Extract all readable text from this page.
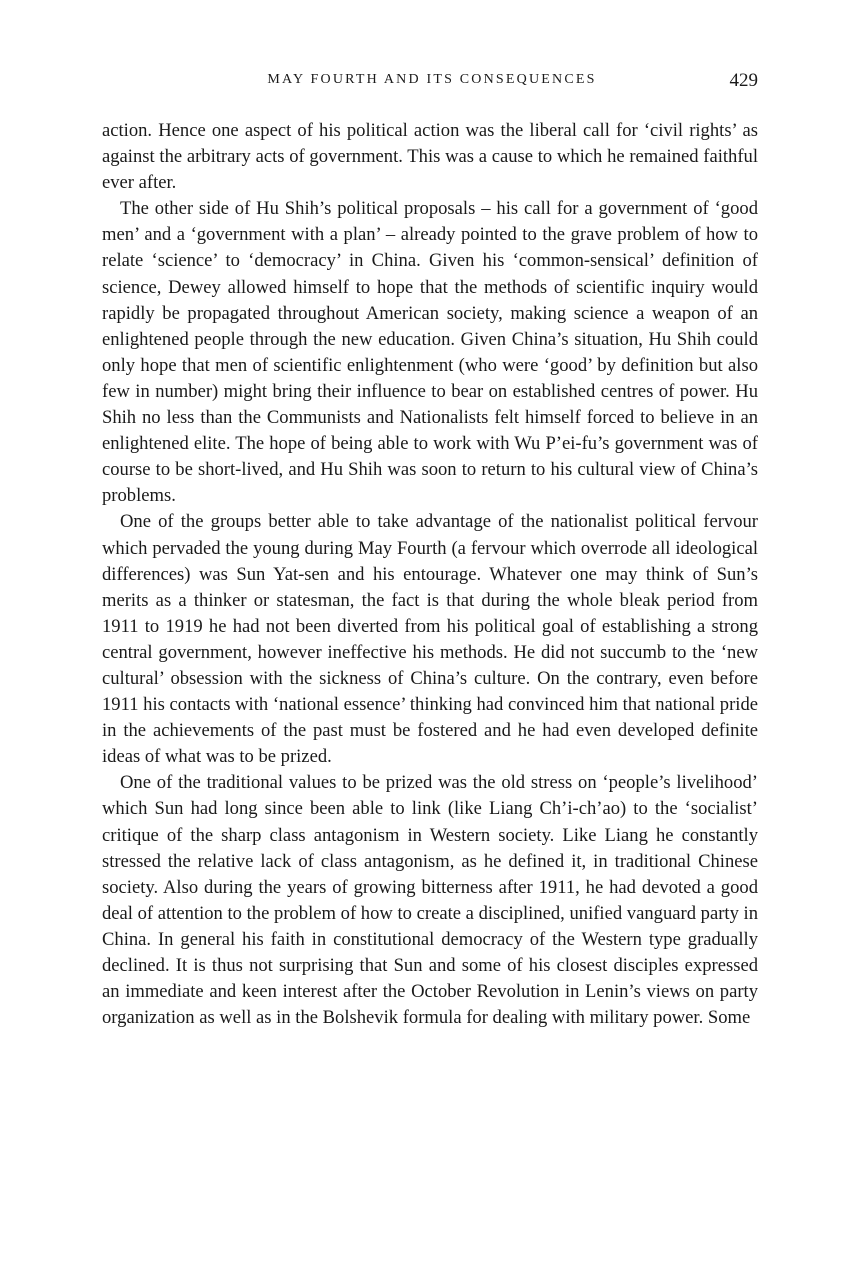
MAY FOURTH AND ITS CONSEQUENCES	429

action. Hence one aspect of his political action was the liberal call for ‘civil rights’ as against the arbitrary acts of government. This was a cause to which he remained faithful ever after.

The other side of Hu Shih’s political proposals – his call for a government of ‘good men’ and a ‘government with a plan’ – already pointed to the grave problem of how to relate ‘science’ to ‘democracy’ in China. Given his ‘common-sensical’ definition of science, Dewey allowed himself to hope that the methods of scientific inquiry would rapidly be propagated throughout American society, making science a weapon of an enlightened people through the new education. Given China’s situation, Hu Shih could only hope that men of scientific enlightenment (who were ‘good’ by definition but also few in number) might bring their influence to bear on established centres of power. Hu Shih no less than the Communists and Nationalists felt himself forced to believe in an enlightened elite. The hope of being able to work with Wu P’ei-fu’s government was of course to be short-lived, and Hu Shih was soon to return to his cultural view of China’s problems.

One of the groups better able to take advantage of the nationalist political fervour which pervaded the young during May Fourth (a fervour which overrode all ideological differences) was Sun Yat-sen and his entourage. Whatever one may think of Sun’s merits as a thinker or statesman, the fact is that during the whole bleak period from 1911 to 1919 he had not been diverted from his political goal of establishing a strong central government, however ineffective his methods. He did not succumb to the ‘new cultural’ obsession with the sickness of China’s culture. On the contrary, even before 1911 his contacts with ‘national essence’ thinking had convinced him that national pride in the achievements of the past must be fostered and he had even developed definite ideas of what was to be prized.

One of the traditional values to be prized was the old stress on ‘people’s livelihood’ which Sun had long since been able to link (like Liang Ch’i-ch’ao) to the ‘socialist’ critique of the sharp class antagonism in Western society. Like Liang he constantly stressed the relative lack of class antagonism, as he defined it, in traditional Chinese society. Also during the years of growing bitterness after 1911, he had devoted a good deal of attention to the problem of how to create a disciplined, unified vanguard party in China. In general his faith in constitutional democracy of the Western type gradually declined. It is thus not surprising that Sun and some of his closest disciples expressed an immediate and keen interest after the October Revolution in Lenin’s views on party organization as well as in the Bolshevik formula for dealing with military power. Some
